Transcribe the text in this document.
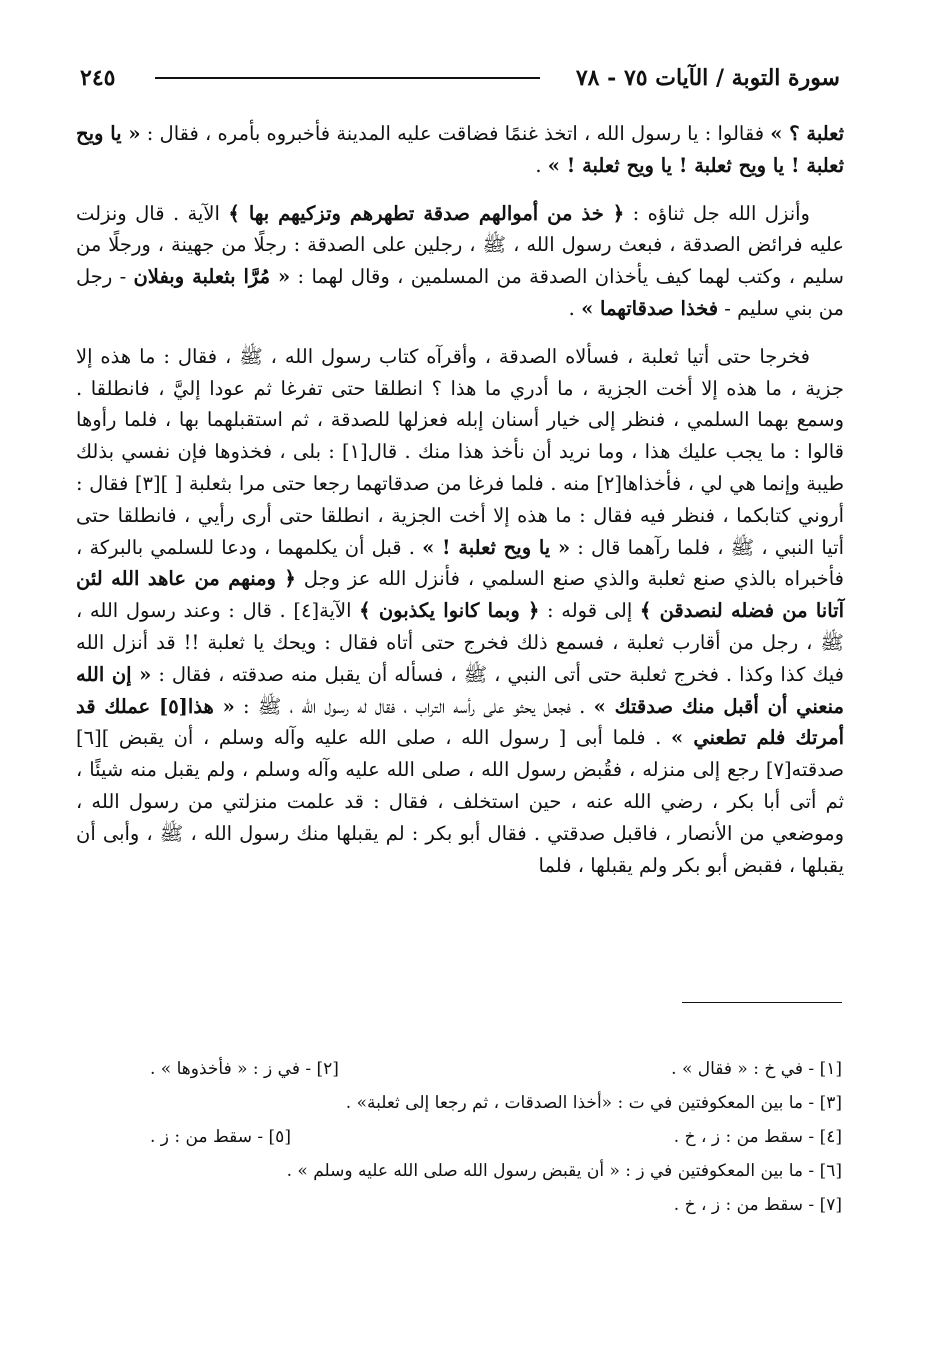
سورة التوبة / الآيات ٧٥ - ٧٨
٢٤٥

ثعلبة ؟ » فقالوا : يا رسول الله ، اتخذ غنمًا فضاقت عليه المدينة فأخبروه بأمره ، فقال : « يا ويح ثعلبة ! يا ويح ثعلبة ! يا ويح ثعلبة ! » .

وأنزل الله جل ثناؤه : ﴿ خذ من أموالهم صدقة تطهرهم وتزكيهم بها ﴾ الآية . قال ونزلت عليه فرائض الصدقة ، فبعث رسول الله ، ﷺ ، رجلين على الصدقة : رجلًا من جهينة ، ورجلًا من سليم ، وكتب لهما كيف يأخذان الصدقة من المسلمين ، وقال لهما : « مُرَّا بثعلبة وبفلان - رجل من بني سليم - فخذا صدقاتهما » .

فخرجا حتى أتيا ثعلبة ، فسألاه الصدقة ، وأقرآه كتاب رسول الله ، ﷺ ، فقال : ما هذه إلا جزية ، ما هذه إلا أخت الجزية ، ما أدري ما هذا ؟ انطلقا حتى تفرغا ثم عودا إليَّ ، فانطلقا . وسمع بهما السلمي ، فنظر إلى خيار أسنان إبله فعزلها للصدقة ، ثم استقبلهما بها ، فلما رأوها قالوا : ما يجب عليك هذا ، وما نريد أن نأخذ هذا منك . قال[١] : بلى ، فخذوها فإن نفسي بذلك طيبة وإنما هي لي ، فأخذاها[٢] منه . فلما فرغا من صدقاتهما رجعا حتى مرا بثعلبة [ ][٣] فقال : أروني كتابكما ، فنظر فيه فقال : ما هذه إلا أخت الجزية ، انطلقا حتى أرى رأيي ، فانطلقا حتى أتيا النبي ، ﷺ ، فلما رآهما قال : « يا ويح ثعلبة ! » . قبل أن يكلمهما ، ودعا للسلمي بالبركة ، فأخبراه بالذي صنع ثعلبة والذي صنع السلمي ، فأنزل الله عز وجل ﴿ ومنهم من عاهد الله لئن آتانا من فضله لنصدقن ﴾ إلى قوله : ﴿ وبما كانوا يكذبون ﴾ الآية[٤] . قال : وعند رسول الله ، ﷺ ، رجل من أقارب ثعلبة ، فسمع ذلك فخرج حتى أتاه فقال : ويحك يا ثعلبة !! قد أنزل الله فيك كذا وكذا . فخرج ثعلبة حتى أتى النبي ، ﷺ ، فسأله أن يقبل منه صدقته ، فقال : « إن الله منعني أن أقبل منك صدقتك » . فجعل يحثو على رأسه التراب ، فقال له رسول الله ، ﷺ : « هذا[٥] عملك قد أمرتك فلم تطعني » . فلما أبى [ رسول الله ، صلى الله عليه وآله وسلم ، أن يقبض ][٦] صدقته[٧] رجع إلى منزله ، فقُبض رسول الله ، صلى الله عليه وآله وسلم ، ولم يقبل منه شيئًا ، ثم أتى أبا بكر ، رضي الله عنه ، حين استخلف ، فقال : قد علمت منزلتي من رسول الله ، وموضعي من الأنصار ، فاقبل صدقتي . فقال أبو بكر : لم يقبلها منك رسول الله ، ﷺ ، وأبى أن يقبلها ، فقبض أبو بكر ولم يقبلها ، فلما

[١] - في خ : « فقال » .
[٢] - في ز : « فأخذوها » .
[٣] - ما بين المعكوفتين في ت : «أخذا الصدقات ، ثم رجعا إلى ثعلبة» .
[٤] - سقط من : ز ، خ .
[٥] - سقط من : ز .
[٦] - ما بين المعكوفتين في ز : « أن يقبض رسول الله صلى الله عليه وسلم » .
[٧] - سقط من : ز ، خ .
